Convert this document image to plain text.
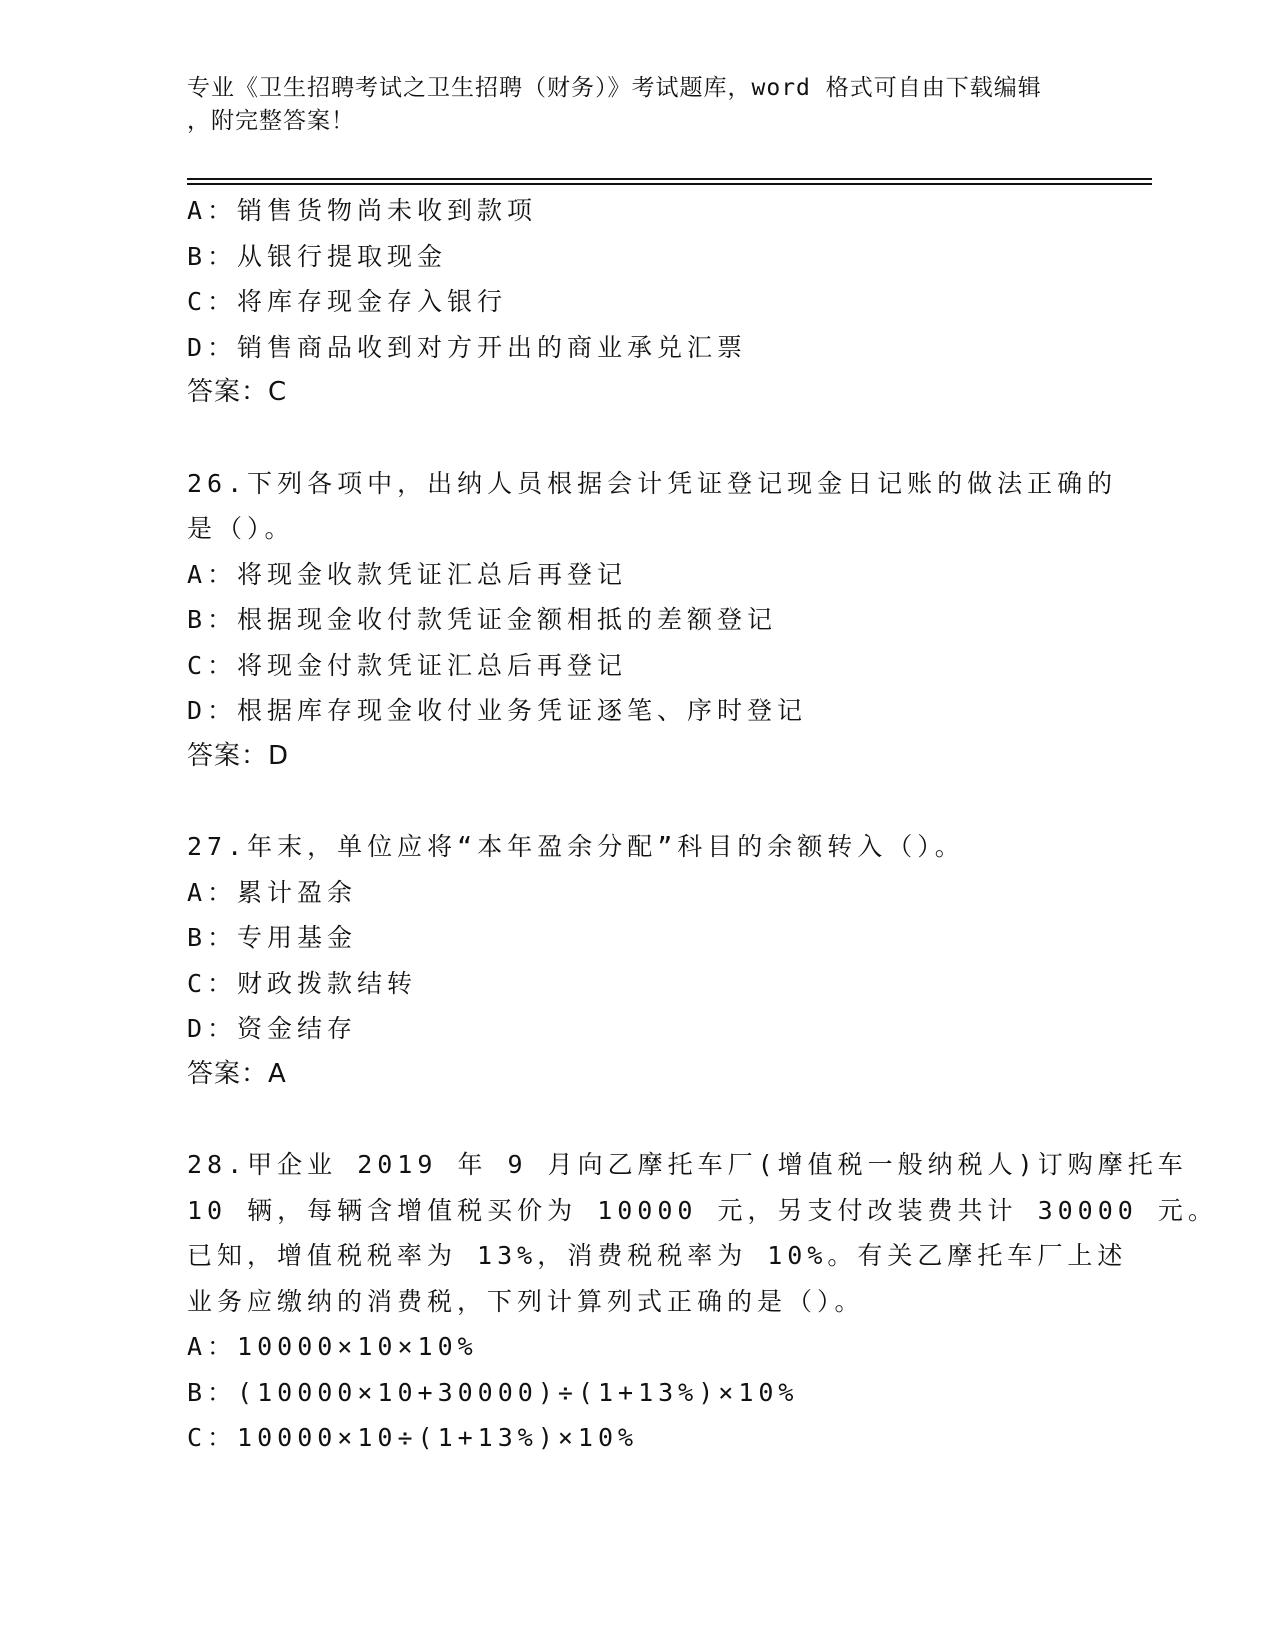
专业《卫生招聘考试之卫生招聘（财务）》考试题库，word 格式可自由下载编辑
，附完整答案！
A：销售货物尚未收到款项
B：从银行提取现金
C：将库存现金存入银行
D：销售商品收到对方开出的商业承兑汇票
答案：C
26.下列各项中，出纳人员根据会计凭证登记现金日记账的做法正确的
是（）。
A：将现金收款凭证汇总后再登记
B：根据现金收付款凭证金额相抵的差额登记
C：将现金付款凭证汇总后再登记
D：根据库存现金收付业务凭证逐笔、序时登记
答案：D
27.年末，单位应将“本年盈余分配”科目的余额转入（）。
A：累计盈余
B：专用基金
C：财政拨款结转
D：资金结存
答案：A
28.甲企业 2019 年 9 月向乙摩托车厂(增值税一般纳税人)订购摩托车
10 辆，每辆含增值税买价为 10000 元，另支付改装费共计 30000 元。
已知，增值税税率为 13%，消费税税率为 10%。有关乙摩托车厂上述
业务应缴纳的消费税，下列计算列式正确的是（）。
A：10000×10×10%
B：(10000×10+30000)÷(1+13%)×10%
C：10000×10÷(1+13%)×10%
